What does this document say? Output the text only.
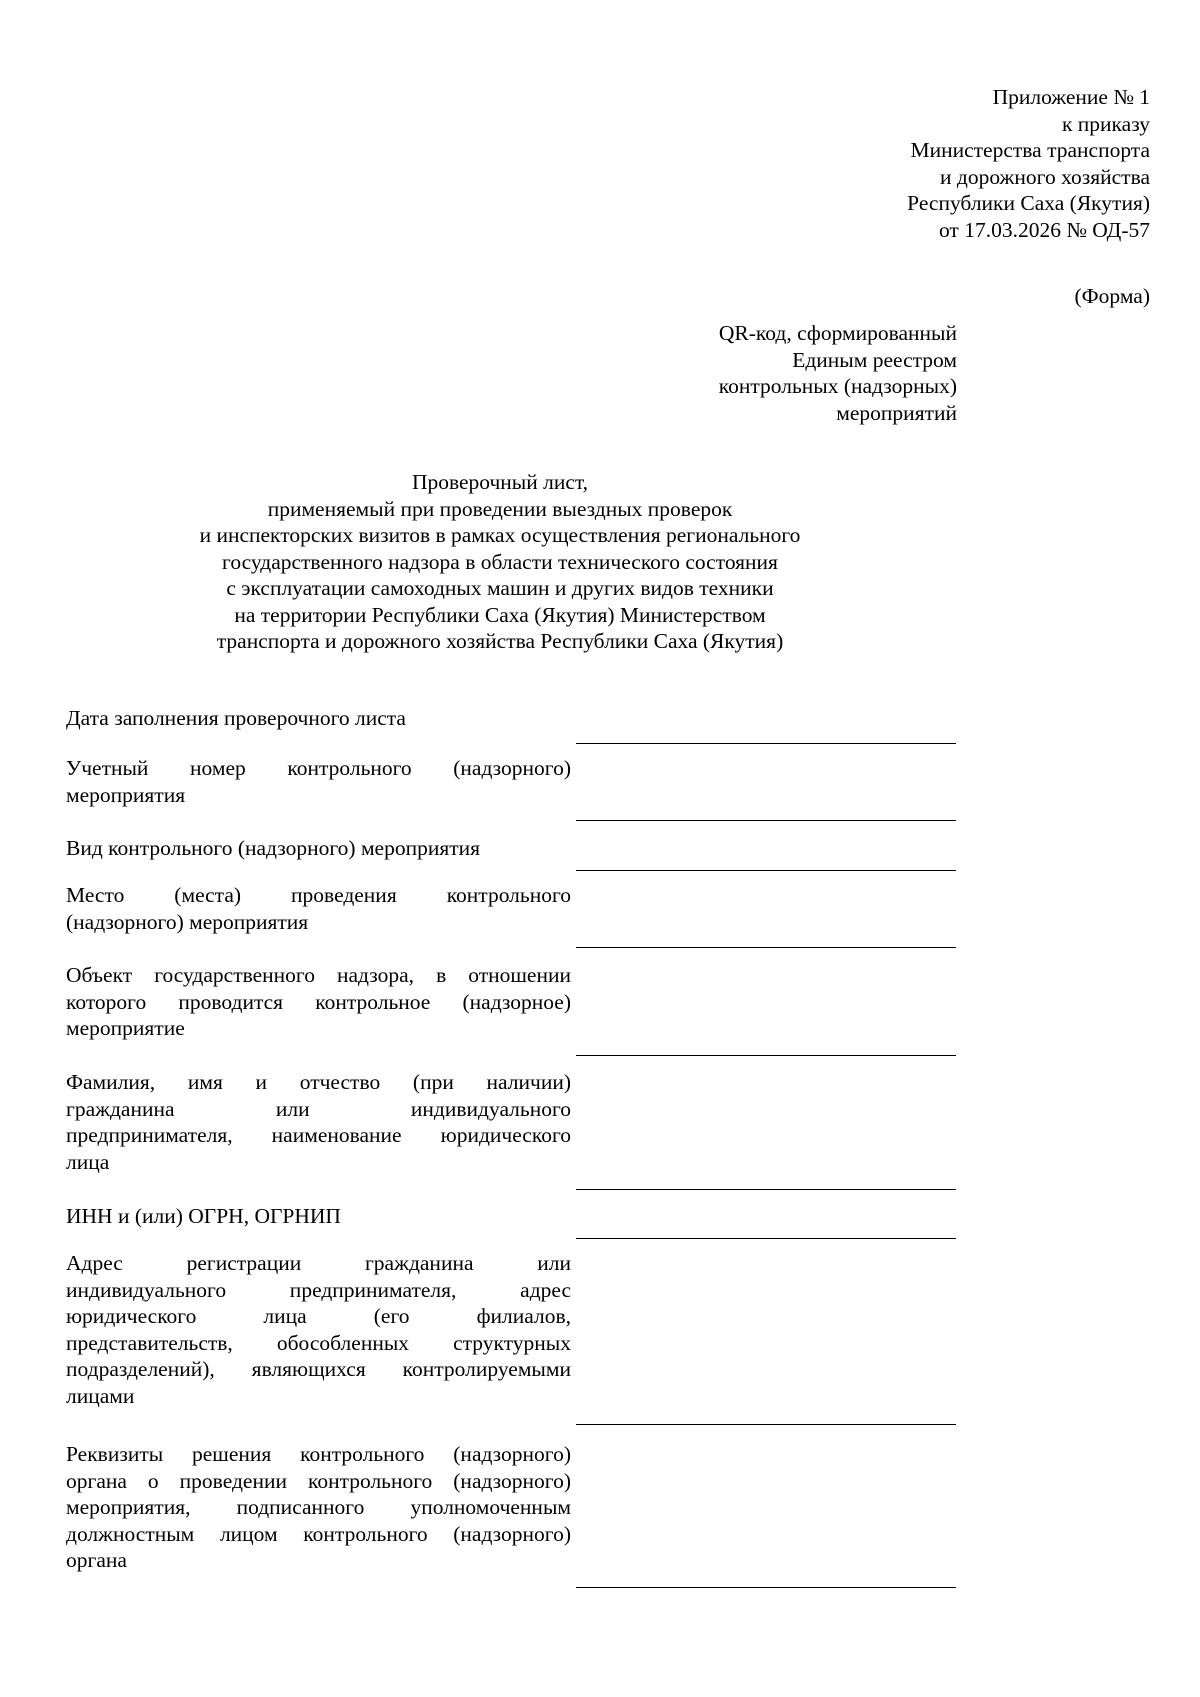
Приложение № 1
к приказу
Министерства транспорта
и дорожного хозяйства
Республики Саха (Якутия)
от 17.03.2026 № ОД-57
(Форма)
QR-код, сформированный
Единым реестром
контрольных (надзорных)
мероприятий
Проверочный лист,
применяемый при проведении выездных проверок
и инспекторских визитов в рамках осуществления регионального
государственного надзора в области технического состояния
с эксплуатации самоходных машин и других видов техники
на территории Республики Саха (Якутия) Министерством
транспорта и дорожного хозяйства Республики Саха (Якутия)
Дата заполнения проверочного листа
Учетный номер контрольного (надзорного)
мероприятия
Вид контрольного (надзорного) мероприятия
Место (места) проведения контрольного
(надзорного) мероприятия
Объект государственного надзора, в отношении
которого проводится контрольное (надзорное)
мероприятие
Фамилия, имя и отчество (при наличии)
гражданина или индивидуального
предпринимателя, наименование юридического
лица
ИНН и (или) ОГРН, ОГРНИП
Адрес регистрации гражданина или
индивидуального предпринимателя, адрес
юридического лица (его филиалов,
представительств, обособленных структурных
подразделений), являющихся контролируемыми
лицами
Реквизиты решения контрольного (надзорного)
органа о проведении контрольного (надзорного)
мероприятия, подписанного уполномоченным
должностным лицом контрольного (надзорного)
органа
